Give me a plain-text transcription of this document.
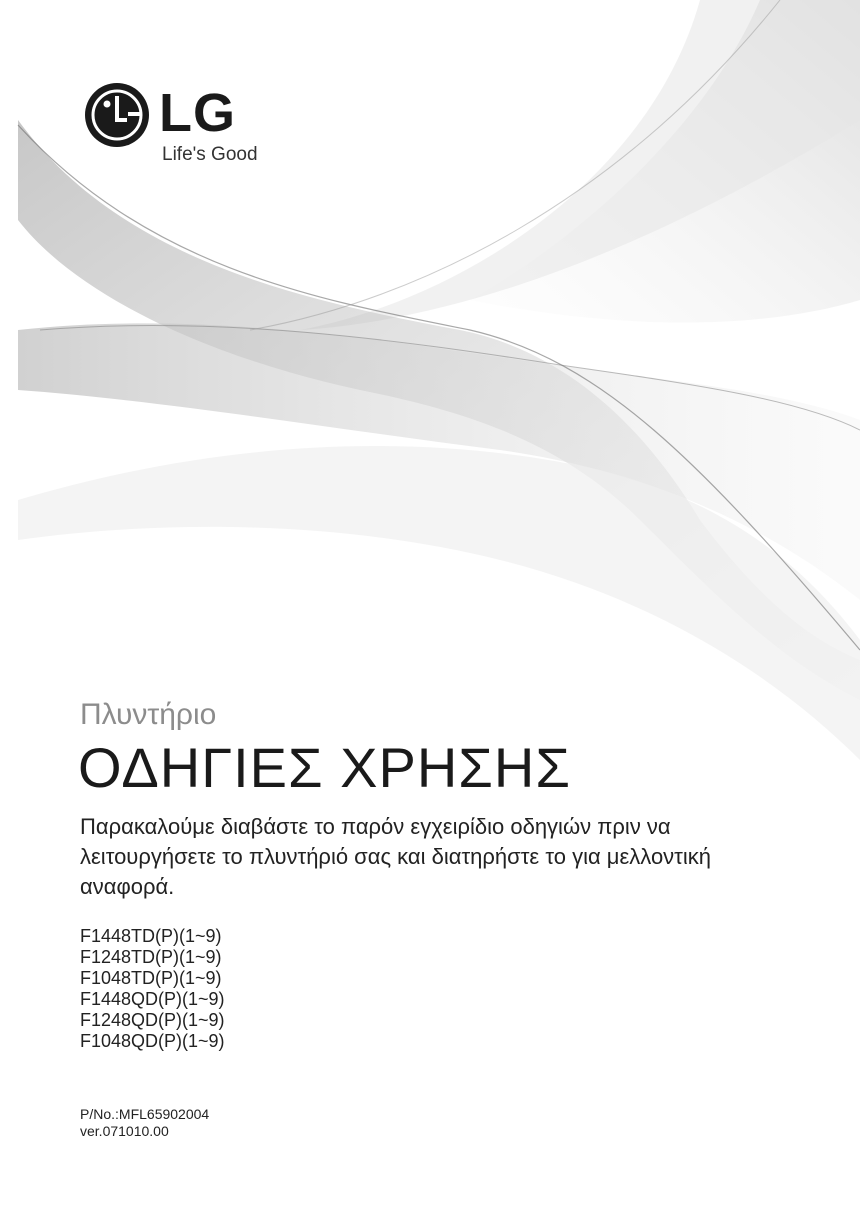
LG
Life's Good
Πλυντήριο
ΟΔΗΓΙΕΣ ΧΡΗΣΗΣ
Παρακαλούμε διαβάστε το παρόν εγχειρίδιο οδηγιών πριν να λειτουργήσετε το πλυντήριό σας και διατηρήστε το για μελλοντική αναφορά.
F1448TD(P)(1~9)
F1248TD(P)(1~9)
F1048TD(P)(1~9)
F1448QD(P)(1~9)
F1248QD(P)(1~9)
F1048QD(P)(1~9)
P/No.:MFL65902004
ver.071010.00
